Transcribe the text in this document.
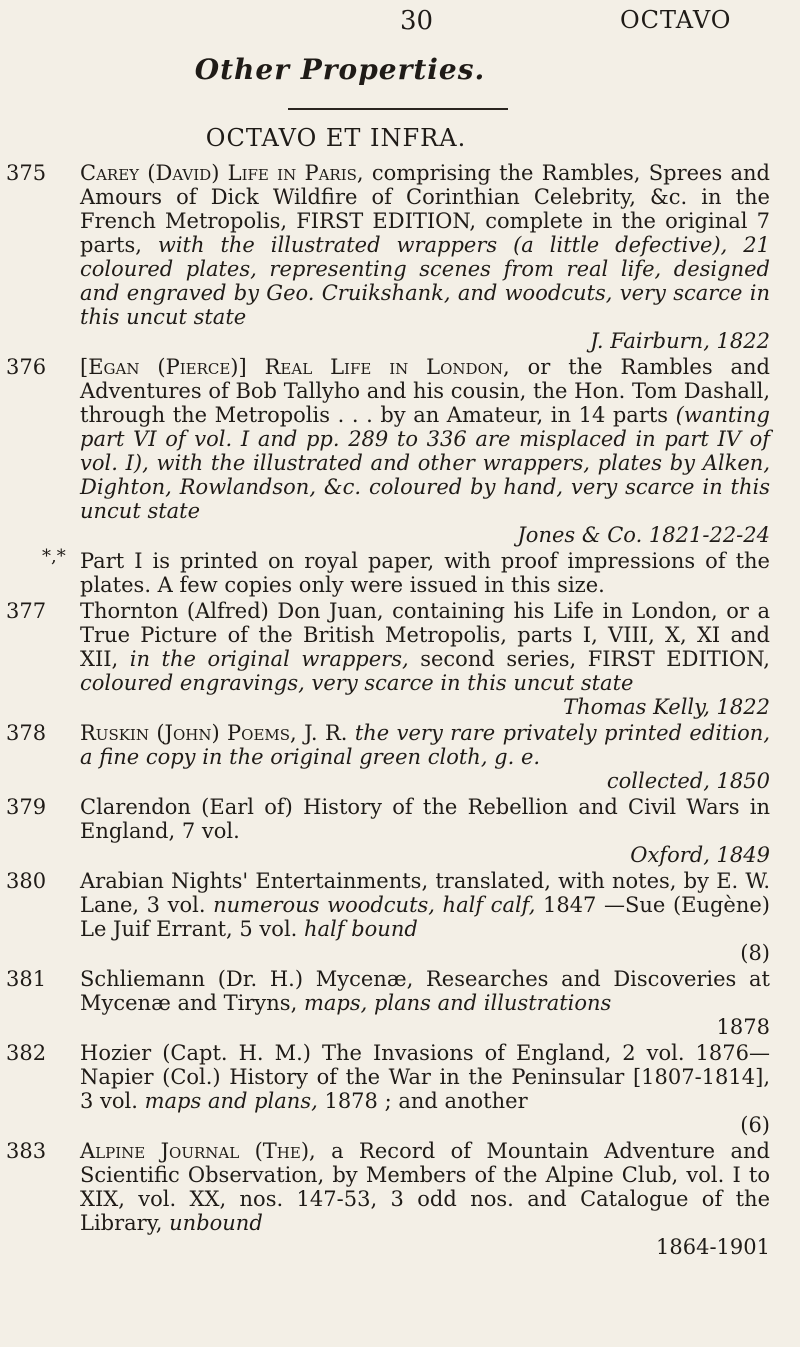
30	OCTAVO
Other Properties.
OCTAVO ET INFRA.
375 Carey (David) Life in Paris, comprising the Rambles, Sprees and Amours of Dick Wildfire of Corinthian Celebrity, &c. in the French Metropolis, FIRST EDITION, complete in the original 7 parts, with the illustrated wrappers (a little defective), 21 coloured plates, representing scenes from real life, designed and engraved by Geo. Cruikshank, and woodcuts, very scarce in this uncut state
J. Fairburn, 1822
376 [Egan (Pierce)] Real Life in London, or the Rambles and Adventures of Bob Tallyho and his cousin, the Hon. Tom Dashall, through the Metropolis . . . by an Amateur, in 14 parts (wanting part VI of vol. I and pp. 289 to 336 are misplaced in part IV of vol. I), with the illustrated and other wrappers, plates by Alken, Dighton, Rowlandson, &c. coloured by hand, very scarce in this uncut state
Jones & Co. 1821-22-24
*,* Part I is printed on royal paper, with proof impressions of the plates. A few copies only were issued in this size.
377 Thornton (Alfred) Don Juan, containing his Life in London, or a True Picture of the British Metropolis, parts I, VIII, X, XI and XII, in the original wrappers, second series, FIRST EDITION, coloured engravings, very scarce in this uncut state
Thomas Kelly, 1822
378 Ruskin (John) Poems, J. R. the very rare privately printed edition, a fine copy in the original green cloth, g. e.
collected, 1850
379 Clarendon (Earl of) History of the Rebellion and Civil Wars in England, 7 vol.
Oxford, 1849
380 Arabian Nights' Entertainments, translated, with notes, by E. W. Lane, 3 vol. numerous woodcuts, half calf, 1847 —Sue (Eugène) Le Juif Errant, 5 vol. half bound
(8)
381 Schliemann (Dr. H.) Mycenæ, Researches and Discoveries at Mycenæ and Tiryns, maps, plans and illustrations
1878
382 Hozier (Capt. H. M.) The Invasions of England, 2 vol. 1876—Napier (Col.) History of the War in the Peninsular [1807-1814], 3 vol. maps and plans, 1878 ; and another
(6)
383 Alpine Journal (The), a Record of Mountain Adventure and Scientific Observation, by Members of the Alpine Club, vol. I to XIX, vol. XX, nos. 147-53, 3 odd nos. and Catalogue of the Library, unbound
1864-1901
